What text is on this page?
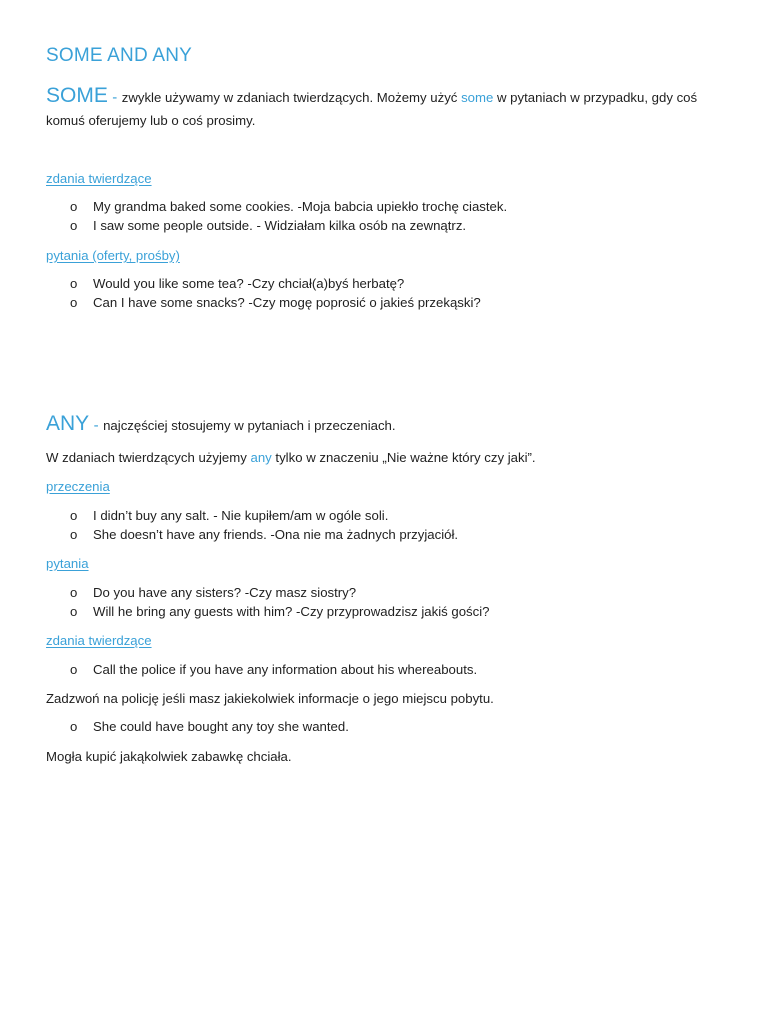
SOME AND ANY
SOME - zwykle używamy w zdaniach twierdzących. Możemy użyć some w pytaniach w przypadku, gdy coś
komuś oferujemy lub o coś prosimy.
zdania twierdzące
o	My grandma baked some cookies. -Moja babcia upiekło trochę ciastek.
o	I saw some people outside. - Widziałam kilka osób na zewnątrz.
pytania (oferty, prośby)
o	Would you like some tea? -Czy chciał(a)byś herbatę?
o	Can I have some snacks? -Czy mogę poprosić o jakieś przekąski?
ANY - najczęściej stosujemy w pytaniach i przeczeniach.
W zdaniach twierdzących użyjemy any tylko w znaczeniu „Nie ważne który czy jaki”.
przeczenia
o	I didn’t buy any salt. - Nie kupiłem/am w ogóle soli.
o	She doesn’t have any friends. -Ona nie ma żadnych przyjaciół.
pytania
o	Do you have any sisters? -Czy masz siostry?
o	Will he bring any guests with him? -Czy przyprowadzisz jakiś gości?
zdania twierdzące
o	Call the police if you have any information about his whereabouts.
Zadzwoń na policję jeśli masz jakiekolwiek informacje o jego miejscu pobytu.
o	She could have bought any toy she wanted.
Mogła kupić jakąkolwiek zabawkę chciała.
